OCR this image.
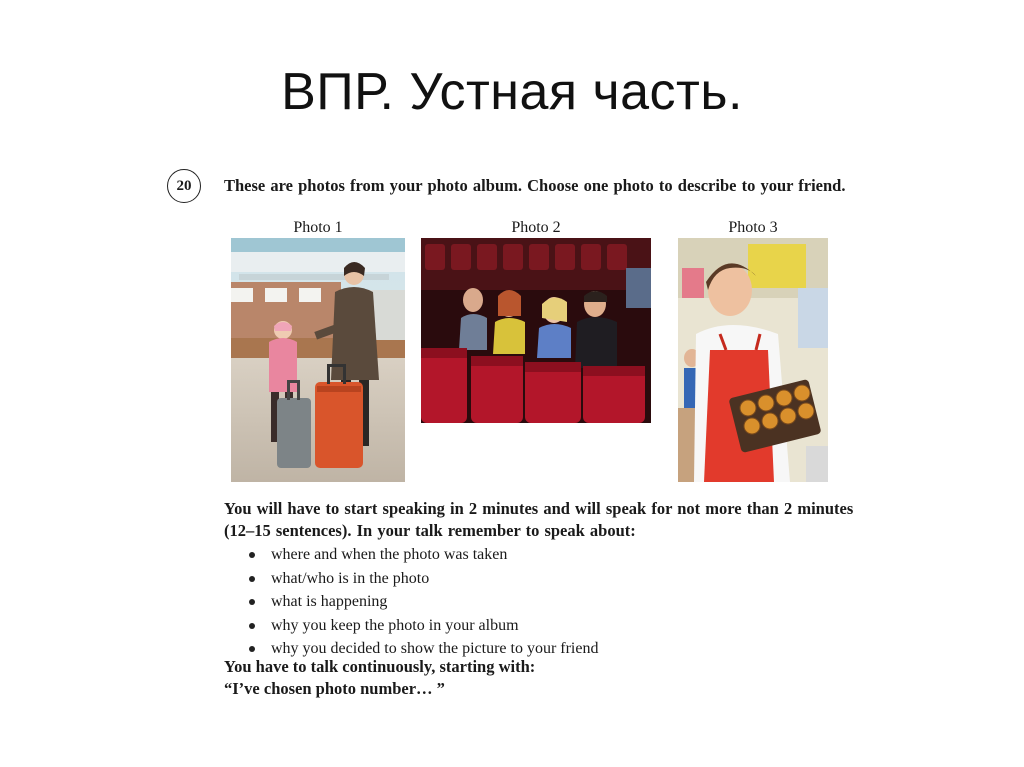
ВПР. Устная часть.
20	These are photos from your photo album. Choose one photo to describe to your friend.
Photo 1	Photo 2	Photo 3
You will have to start speaking in 2 minutes and will speak for not more than 2 minutes (12–15 sentences). In your talk remember to speak about:
where and when the photo was taken
what/who is in the photo
what is happening
why you keep the photo in your album
why you decided to show the picture to your friend
You have to talk continuously, starting with:
“I’ve chosen photo number… ”
